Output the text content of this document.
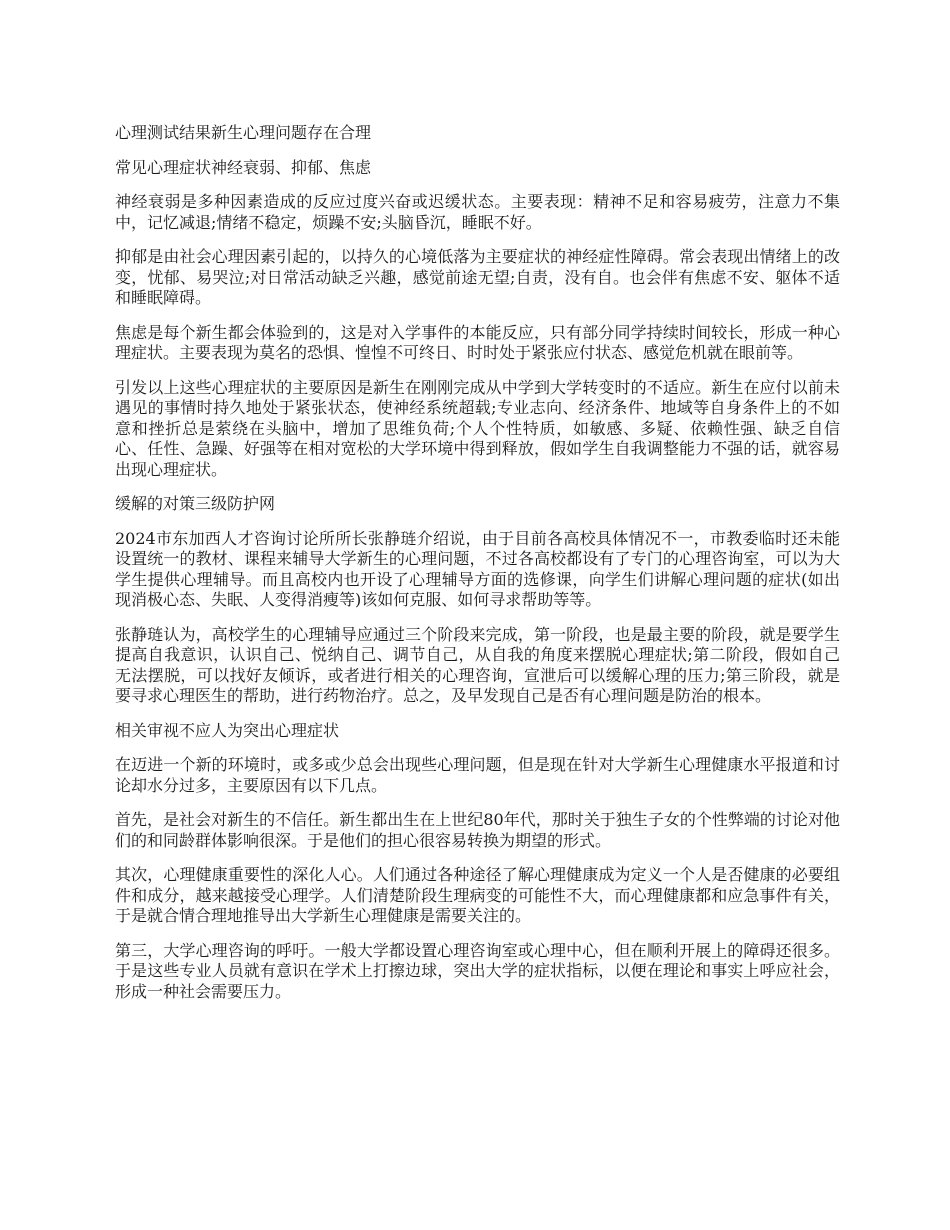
心理测试结果新生心理问题存在合理

常见心理症状神经衰弱、抑郁、焦虑

神经衰弱是多种因素造成的反应过度兴奋或迟缓状态。主要表现：精神不足和容易疲劳，注意力不集中，记忆减退;情绪不稳定，烦躁不安;头脑昏沉，睡眠不好。

抑郁是由社会心理因素引起的，以持久的心境低落为主要症状的神经症性障碍。常会表现出情绪上的改变，忧郁、易哭泣;对日常活动缺乏兴趣，感觉前途无望;自责，没有自。也会伴有焦虑不安、躯体不适和睡眠障碍。

焦虑是每个新生都会体验到的，这是对入学事件的本能反应，只有部分同学持续时间较长，形成一种心理症状。主要表现为莫名的恐惧、惶惶不可终日、时时处于紧张应付状态、感觉危机就在眼前等。

引发以上这些心理症状的主要原因是新生在刚刚完成从中学到大学转变时的不适应。新生在应付以前未遇见的事情时持久地处于紧张状态，使神经系统超载;专业志向、经济条件、地域等自身条件上的不如意和挫折总是萦绕在头脑中，增加了思维负荷;个人个性特质，如敏感、多疑、依赖性强、缺乏自信心、任性、急躁、好强等在相对宽松的大学环境中得到释放，假如学生自我调整能力不强的话，就容易出现心理症状。

缓解的对策三级防护网

2024市东加西人才咨询讨论所所长张静琏介绍说，由于目前各高校具体情况不一，市教委临时还未能设置统一的教材、课程来辅导大学新生的心理问题，不过各高校都设有了专门的心理咨询室，可以为大学生提供心理辅导。而且高校内也开设了心理辅导方面的选修课，向学生们讲解心理问题的症状(如出现消极心态、失眠、人变得消瘦等)该如何克服、如何寻求帮助等等。

张静琏认为，高校学生的心理辅导应通过三个阶段来完成，第一阶段，也是最主要的阶段，就是要学生提高自我意识，认识自己、悦纳自己、调节自己，从自我的角度来摆脱心理症状;第二阶段，假如自己无法摆脱，可以找好友倾诉，或者进行相关的心理咨询，宣泄后可以缓解心理的压力;第三阶段，就是要寻求心理医生的帮助，进行药物治疗。总之，及早发现自己是否有心理问题是防治的根本。

相关审视不应人为突出心理症状

在迈进一个新的环境时，或多或少总会出现些心理问题，但是现在针对大学新生心理健康水平报道和讨论却水分过多，主要原因有以下几点。

首先，是社会对新生的不信任。新生都出生在上世纪80年代，那时关于独生子女的个性弊端的讨论对他们的和同龄群体影响很深。于是他们的担心很容易转换为期望的形式。

其次，心理健康重要性的深化人心。人们通过各种途径了解心理健康成为定义一个人是否健康的必要组件和成分，越来越接受心理学。人们清楚阶段生理病变的可能性不大，而心理健康都和应急事件有关，于是就合情合理地推导出大学新生心理健康是需要关注的。

第三，大学心理咨询的呼吁。一般大学都设置心理咨询室或心理中心，但在顺利开展上的障碍还很多。于是这些专业人员就有意识在学术上打擦边球，突出大学的症状指标，以便在理论和事实上呼应社会，形成一种社会需要压力。
